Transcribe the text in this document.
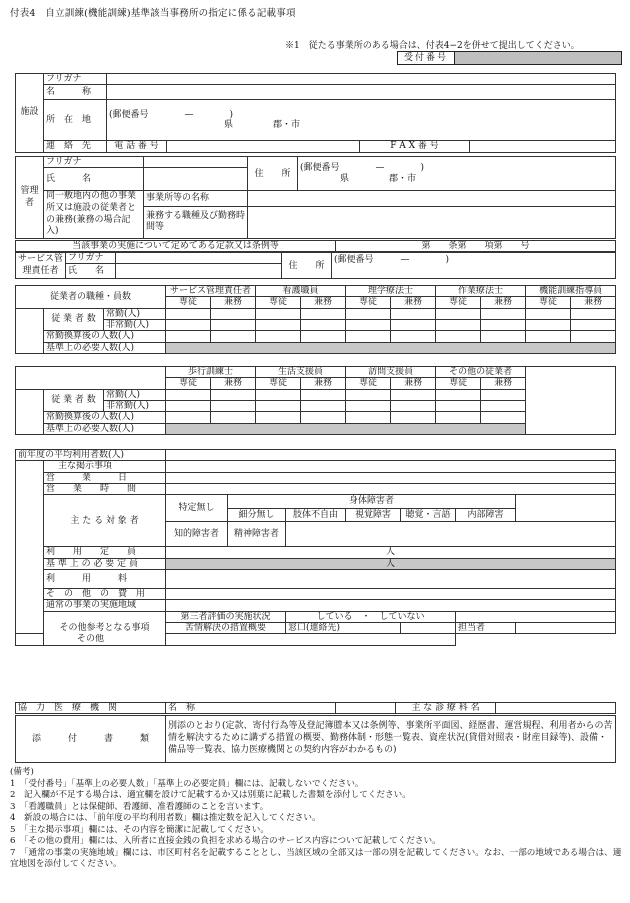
付表4　自立訓練(機能訓練)基準該当事務所の指定に係る記載事項
※1　従たる事業所のある場合は、付表4−2を併せて提出してください。
受付番号	
施設	フリガナ				
	名　　　称				
	所　在　地	(郵便番号　　　　—　　　　)
県 郡・市			

	連　絡　先	電 話 番 号		F A X 番 号	
管理者	フリガナ		住　　所	(郵便番号　　　　—　　　　)
県 郡・市

	氏　　　名			
	同一敷地内の他の事業所又は施設の従業者との兼務(兼務の場合記入)	事業所等の名称		
		兼務する職種及び勤務時間等		
当該事業の実施について定めてある定款又は条例等	第　　条第　　項第　　号
サービス管理責任者	フリガナ		住　　所	(郵便番号　　　—　　　　)

	氏　　名			
従業者の職種・員数			サービス管理責任者		看護職員		理学療法士		作業療法士		機能訓練指導員	
			専従	兼務	専従	兼務	専従	兼務	専従	兼務	専従	兼務
	従 業 者 数	常勤(人)										
		非常勤(人)										
	常勤換算後の人数(人)											
	基準上の必要人数(人)											
			歩行訓練士		生活支援員		訪問支援員		その他の従業者		
			専従	兼務	専従	兼務	専従	兼務	専従	兼務	
	従 業 者 数	常勤(人)									
		非常勤(人)									
	常勤換算後の人数(人)										
	基準上の必要人数(人)										
前年度の平均利用者数(人)								
	主な掲示事項							
	営　　　業　　　日							
	営　　業　　時　　間							
	主 た る 対 象 者	特定無し	身体障害者					
			細分無し	肢体不自由	視覚障害	聴覚・言語	内部障害	
		知的障害者	精神障害者					
	利　　用　　定　　員	人						
	基 準 上 の 必 要 定 員	人						
	利　　　用　　　料							
	そ　の　他　の　費　用							
	通常の事業の実施地域							
	その他参考となる事項	第三者評価の実施状況		している　・　していない				
		苦情解決の措置概要		窓口(連絡先)			担当者	
その他								
協　力　医　療　機　関	名　称		主 な 診 療 科 名	
添　　　付　　　書　　　類	別添のとおり(定款、寄付行為等及登記簿謄本又は条例等、事業所平面図、経歴書、運営規程、利用者からの苦情を解決するために講ずる措置の概要、勤務体制・形態一覧表、資産状況(貸借対照表・財産目録等)、設備・備品等一覧表、協力医療機関との契約内容がわかるもの)
(備考)
1　「受付番号」「基準上の必要人数」「基準上の必要定員」欄には、記載しないでください。
2　記入欄が不足する場合は、適宜欄を設けて記載するか又は別葉に記載した書類を添付してください。
3　「看護職員」とは保健師、看護師、准看護師のことを言います。
4　新設の場合には、「前年度の平均利用者数」欄は推定数を記入してください。
5　「主な掲示事項」欄には、その内容を簡潔に記載してください。
6　「その他の費用」欄には、入所者に直接金銭の負担を求める場合のサービス内容について記載してください。
7　「通常の事業の実施地域」欄には、市区町村名を記載することとし、当該区域の全部又は一部の別を記載してください。なお、一部の地域である場合は、適宜地図を添付してください。
